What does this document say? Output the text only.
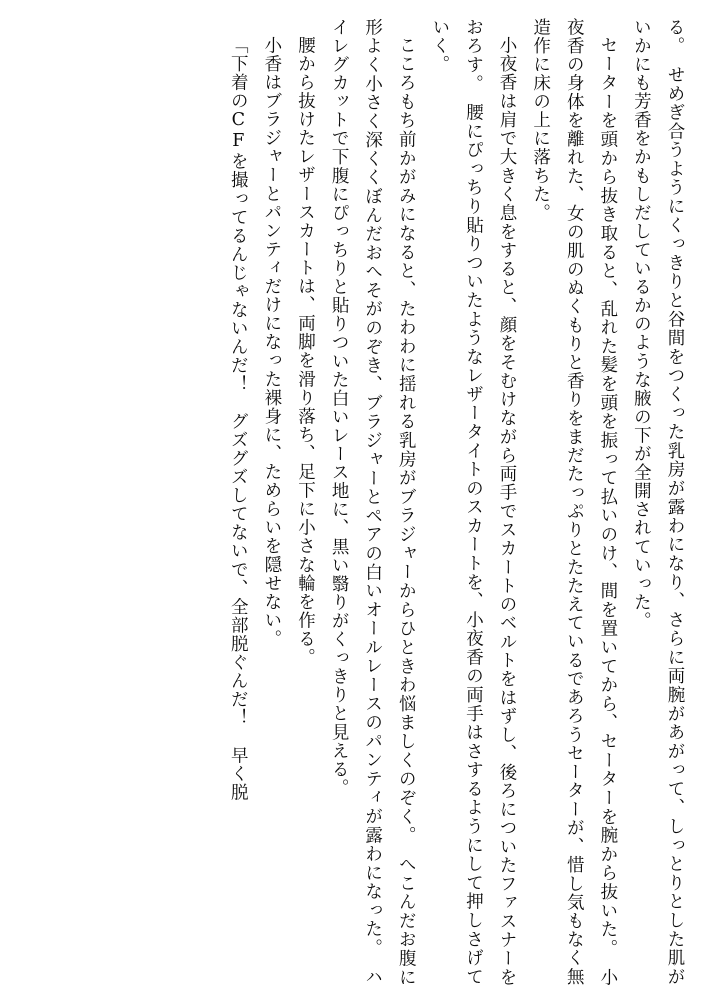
る。　せめぎ合うようにくっきりと谷間をつくった乳房が露わになり、さらに両腕があがって、しっとりとした肌がいかにも芳香をかもしだしているかのような腋の下が全開されていった。

セーターを頭から抜き取ると、乱れた髪を頭を振って払いのけ、間を置いてから、セーターを腕から抜いた。　小夜香の身体を離れた、女の肌のぬくもりと香りをまだたっぷりとたたえているであろうセーターが、惜し気もなく無造作に床の上に落ちた。

小夜香は肩で大きく息をすると、顔をそむけながら両手でスカートのベルトをはずし、後ろについたファスナーをおろす。　腰にぴっちり貼りついたようなレザータイトのスカートを、小夜香の両手はさするようにして押しさげていく。

こころもち前かがみになると、たわわに揺れる乳房がブラジャーからひときわ悩ましくのぞく。　へこんだお腹に形よく小さく深くくぼんだおへそがのぞき、ブラジャーとペアの白いオールレースのパンティが露わになった。　ハイレグカットで下腹にぴっちりと貼りついた白いレース地に、黒い翳りがくっきりと見える。

腰から抜けたレザースカートは、両脚を滑り落ち、足下に小さな輪を作る。

小香はブラジャーとパンティだけになった裸身に、ためらいを隠せない。

「下着のCFを撮ってるんじゃないんだ！　グズグズしてないで、全部脱ぐんだ！　早く脱
